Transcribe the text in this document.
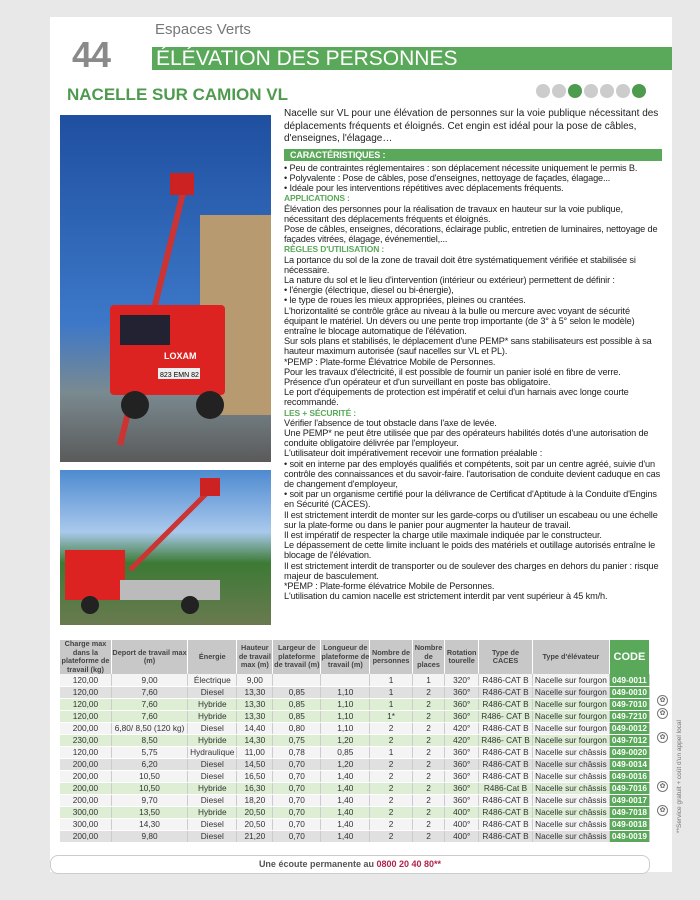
Espaces Verts
44 ÉLÉVATION DES PERSONNES
NACELLE SUR CAMION VL
LOXAM
823 EMN 82

Nacelle sur VL pour une élévation de personnes sur la voie publique nécessitant des déplacements fréquents et éloignés. Cet engin est idéal pour la pose de câbles, d'enseignes, l'élagage…

CARACTÉRISTIQUES :

• Peu de contraintes réglementaires : son déplacement nécessite uniquement le permis B.

• Polyvalente : Pose de câbles, pose d'enseignes, nettoyage de façades, élagage...

• Idéale pour les interventions répétitives avec déplacements fréquents.

APPLICATIONS :

Élévation des personnes pour la réalisation de travaux en hauteur sur la voie publique, nécessitant des déplacements fréquents et éloignés.

Pose de câbles, enseignes, décorations, éclairage public, entretien de luminaires, nettoyage de façades vitrées, élagage, événementiel,...

RÈGLES D'UTILISATION :

La portance du sol de la zone de travail doit être systématiquement vérifiée et stabilisée si nécessaire.

La nature du sol et le lieu d'intervention (intérieur ou extérieur) permettent de définir :

• l'énergie (électrique, diesel ou bi-énergie),

• le type de roues les mieux appropriées, pleines ou crantées.

L'horizontalité se contrôle grâce au niveau à la bulle ou mercure avec voyant de sécurité équipant le matériel. Un dévers ou une pente trop importante (de 3° à 5° selon le modèle) entraîne le blocage automatique de l'élévation.

Sur sols plans et stabilisés, le déplacement d'une PEMP* sans stabilisateurs est possible à sa hauteur maximum autorisée (sauf nacelles sur VL et PL).

*PEMP : Plate-forme Élévatrice Mobile de Personnes.

Pour les travaux d'électricité, il est possible de fournir un panier isolé en fibre de verre.

Présence d'un opérateur et d'un surveillant en poste bas obligatoire.

Le port d'équipements de protection est impératif et celui d'un harnais avec longe courte recommandé.

LES + SÉCURITÉ :

Vérifier l'absence de tout obstacle dans l'axe de levée.

Une PEMP* ne peut être utilisée que par des opérateurs habilités dotés d'une autorisation de conduite obligatoire délivrée par l'employeur.

L'utilisateur doit impérativement recevoir une formation préalable :

• soit en interne par des employés qualifiés et compétents, soit par un centre agréé, suivie d'un contrôle des connaissances et du savoir-faire. l'autorisation de conduite devient caduque en cas de changement d'employeur,

• soit par un organisme certifié pour la délivrance de Certificat d'Aptitude à la Conduite d'Engins en Sécurité (CACES).

Il est strictement interdit de monter sur les garde-corps ou d'utiliser un escabeau ou une échelle sur la plate-forme ou dans le panier pour augmenter la hauteur de travail.

Il est impératif de respecter la charge utile maximale indiquée par le constructeur.

Le dépassement de cette limite incluant le poids des matériels et outillage autorisés entraîne le blocage de l'élévation.

Il est strictement interdit de transporter ou de soulever des charges en dehors du panier : risque majeur de basculement.

*PEMP : Plate-forme élévatrice Mobile de Personnes.

L'utilisation du camion nacelle est strictement interdit par vent supérieur à 45 km/h.

Charge max dans la plateforme de travail (kg)	Deport de travail max (m)	Énergie	Hauteur de travail max (m)	Largeur de plateforme de travail (m)	Longueur de plateforme de travail (m)	Nombre de personnes	Nombre de places	Rotation tourelle	Type de CACES	Type d'élévateur	CODE
120,00	9,00	Électrique	9,00			1	1	320°	R486-CAT B	Nacelle sur fourgon	049-0011
120,00	7,60	Diesel	13,30	0,85	1,10	1	2	360°	R486-CAT B	Nacelle sur fourgon	049-0010
120,00	7,60	Hybride	13,30	0,85	1,10	1	2	360°	R486-CAT B	Nacelle sur fourgon	049-7010
120,00	7,60	Hybride	13,30	0,85	1,10	1*	2	360°	R486- CAT B	Nacelle sur fourgon	049-7210
200,00	6,80/ 8,50 (120 kg)	Diesel	14,40	0,80	1,10	2	2	420°	R486-CAT B	Nacelle sur fourgon	049-0012
230,00	8,50	Hybride	14,30	0,75	1,20	2	2	420°	R486- CAT B	Nacelle sur fourgon	049-7012
120,00	5,75	Hydraulique	11,00	0,78	0,85	1	2	360°	R486-CAT B	Nacelle sur châssis	049-0020
200,00	6,20	Diesel	14,50	0,70	1,20	2	2	360°	R486-CAT B	Nacelle sur châssis	049-0014
200,00	10,50	Diesel	16,50	0,70	1,40	2	2	360°	R486-CAT B	Nacelle sur châssis	049-0016
200,00	10,50	Hybride	16,30	0,70	1,40	2	2	360°	R486-Cat B	Nacelle sur châssis	049-7016
200,00	9,70	Diesel	18,20	0,70	1,40	2	2	360°	R486-CAT B	Nacelle sur châssis	049-0017
300,00	13,50	Hybride	20,50	0,70	1,40	2	2	400°	R486-CAT B	Nacelle sur châssis	049-7018
300,00	14,30	Diesel	20,50	0,70	1,40	2	2	400°	R486-CAT B	Nacelle sur châssis	049-0018
200,00	9,80	Diesel	21,20	0,70	1,40	2	2	400°	R486-CAT B	Nacelle sur châssis	049-0019
✿
✿
✿
✿
✿
Une écoute permanente au 0800 20 40 80**
**Service gratuit + coût d'un appel local
